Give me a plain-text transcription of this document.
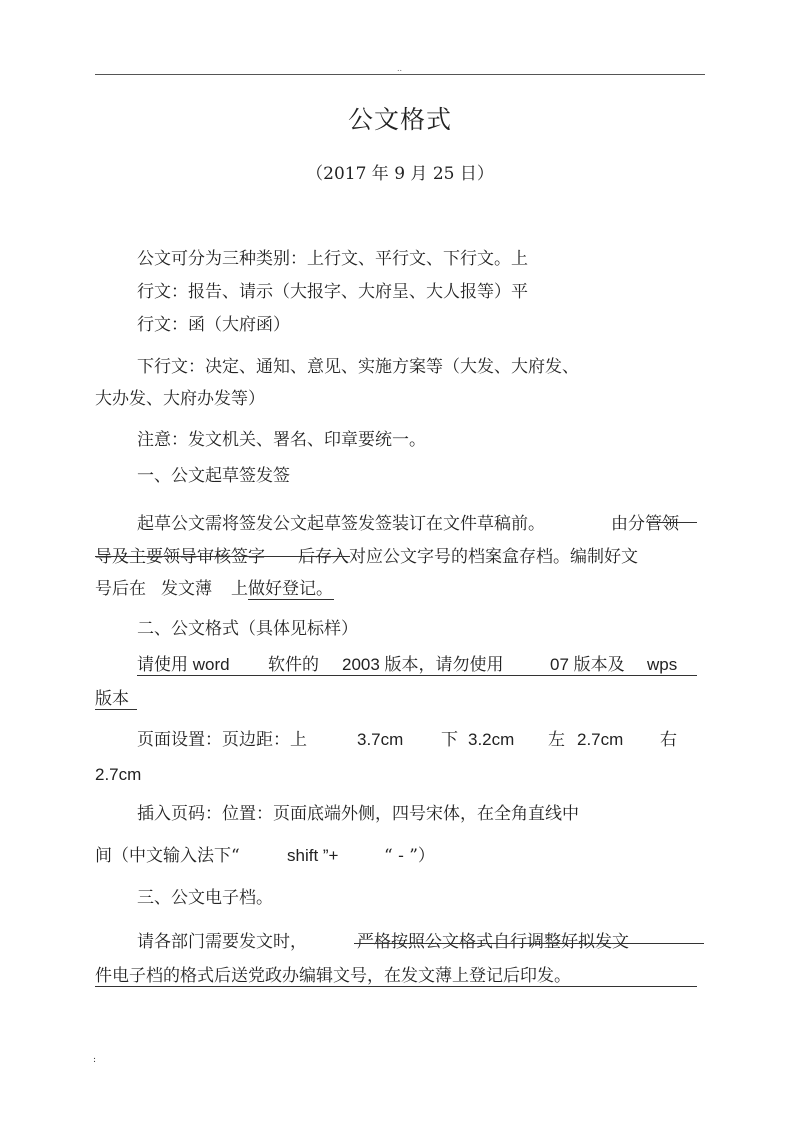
..
公文格式
（2017 年 9 月 25 日）
公文可分为三种类别：上行文、平行文、下行文。上
行文：报告、请示（大报字、大府呈、大人报等）平
行文：函（大府函）
下行文：决定、通知、意见、实施方案等（大发、大府发、
大办发、大府办发等）
注意：发文机关、署名、印章要统一。
一、公文起草签发签
起草公文需将签发公文起草签发签装订在文件草稿前。	由分管领
导及主要领导审核签字 后存入对应公文字号的档案盒存档。编制好文
号后在 发文薄 上做好登记。
二、公文格式（具体见标样）
请使用 word 软件的 2003 版本，请勿使用	07 版本及 wps
版本
页面设置：页边距：上	3.7cm 下 3.2cm 左 2.7cm 右
2.7cm
插入页码：位置：页面底端外侧，四号宋体，在全角直线中
间（中文输入法下“	shift ”+	“ - ”）
三、公文电子档。
请各部门需要发文时，	严格按照公文格式自行调整好拟发文
件电子档的格式后送党政办编辑文号，在发文薄上登记后印发。
:
